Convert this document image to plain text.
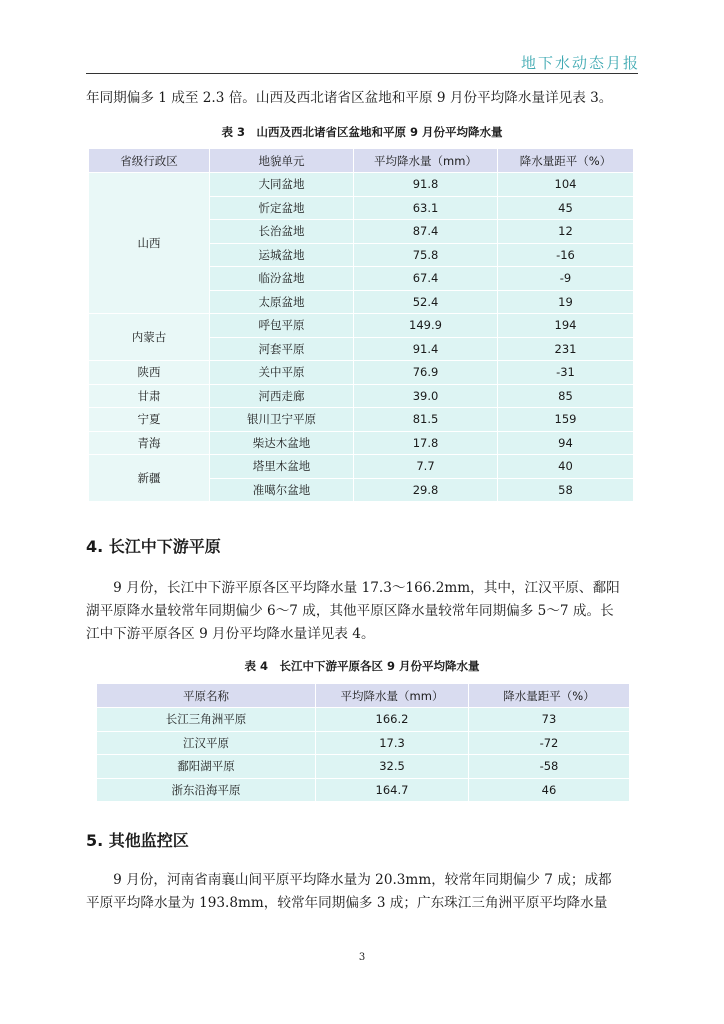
地下水动态月报
年同期偏多 1 成至 2.3 倍。山西及西北诸省区盆地和平原 9 月份平均降水量详见表 3。
表 3　山西及西北诸省区盆地和平原 9 月份平均降水量
省级行政区	地貌单元	平均降水量（mm）	降水量距平（%）
山西	大同盆地	91.8	104
	忻定盆地	63.1	45
	长治盆地	87.4	12
	运城盆地	75.8	-16
	临汾盆地	67.4	-9
	太原盆地	52.4	19
内蒙古	呼包平原	149.9	194
	河套平原	91.4	231
陕西	关中平原	76.9	-31
甘肃	河西走廊	39.0	85
宁夏	银川卫宁平原	81.5	159
青海	柴达木盆地	17.8	94
新疆	塔里木盆地	7.7	40
	准噶尔盆地	29.8	58
4. 长江中下游平原
　　9 月份，长江中下游平原各区平均降水量 17.3～166.2mm，其中，江汉平原、鄱阳
湖平原降水量较常年同期偏少 6～7 成，其他平原区降水量较常年同期偏多 5～7 成。长
江中下游平原各区 9 月份平均降水量详见表 4。
表 4　长江中下游平原各区 9 月份平均降水量
平原名称	平均降水量（mm）	降水量距平（%）
长江三角洲平原	166.2	73
江汉平原	17.3	-72
鄱阳湖平原	32.5	-58
浙东沿海平原	164.7	46
5. 其他监控区
　　9 月份，河南省南襄山间平原平均降水量为 20.3mm，较常年同期偏少 7 成；成都
平原平均降水量为 193.8mm，较常年同期偏多 3 成；广东珠江三角洲平原平均降水量
3
